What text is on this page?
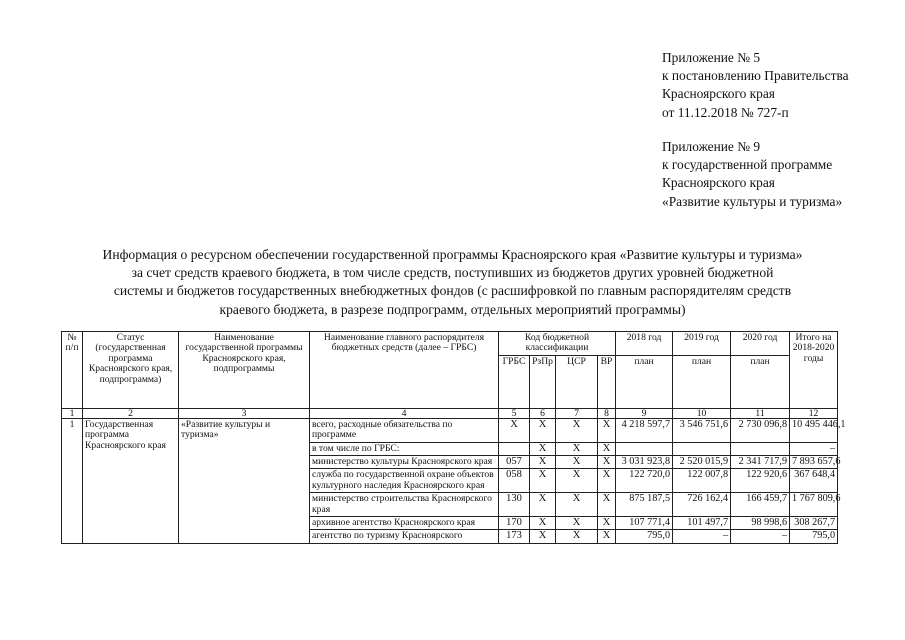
Приложение № 5
к постановлению Правительства
Красноярского края
от 11.12.2018 № 727-п
Приложение № 9
к государственной программе
Красноярского края
«Развитие культуры и туризма»
Информация о ресурсном обеспечении государственной программы Красноярского края «Развитие культуры и туризма»
за счет средств краевого бюджета, в том числе средств, поступивших из бюджетов других уровней бюджетной
системы и бюджетов государственных внебюджетных фондов (с расшифровкой по главным распорядителям средств
краевого бюджета, в разрезе подпрограмм, отдельных мероприятий программы)
№ п/п	Статус (государственная программа Красноярского края, подпрограмма)	Наименование государственной программы Красноярского края, подпрограммы	Наименование главного распорядителя бюджетных средств (далее – ГРБС)	Код бюджетной классификации				2018 год	2019 год	2020 год	Итого на 2018-2020 годы
				ГРБС	РзПр	ЦСР	ВР	план	план	план	
1	2	3	4	5	6	7	8	9	10	11	12
1	Государственная программа Красноярского края	«Развитие культуры и туризма»	всего, расходные обязательства по программе	Х	Х	Х	Х	4 218 597,7	3 546 751,6	2 730 096,8	10 495 446,1
			в том числе по ГРБС:		Х	Х	Х				–
			министерство культуры Красноярского края	057	Х	Х	Х	3 031 923,8	2 520 015,9	2 341 717,9	7 893 657,6
			служба по государственной охране объектов культурного наследия Красноярского края	058	Х	Х	Х	122 720,0	122 007,8	122 920,6	367 648,4
			министерство строительства Красноярского края	130	Х	Х	Х	875 187,5	726 162,4	166 459,7	1 767 809,6
			архивное агентство Красноярского края	170	Х	Х	Х	107 771,4	101 497,7	98 998,6	308 267,7
			агентство по туризму Красноярского	173	Х	Х	Х	795,0	–	–	795,0
